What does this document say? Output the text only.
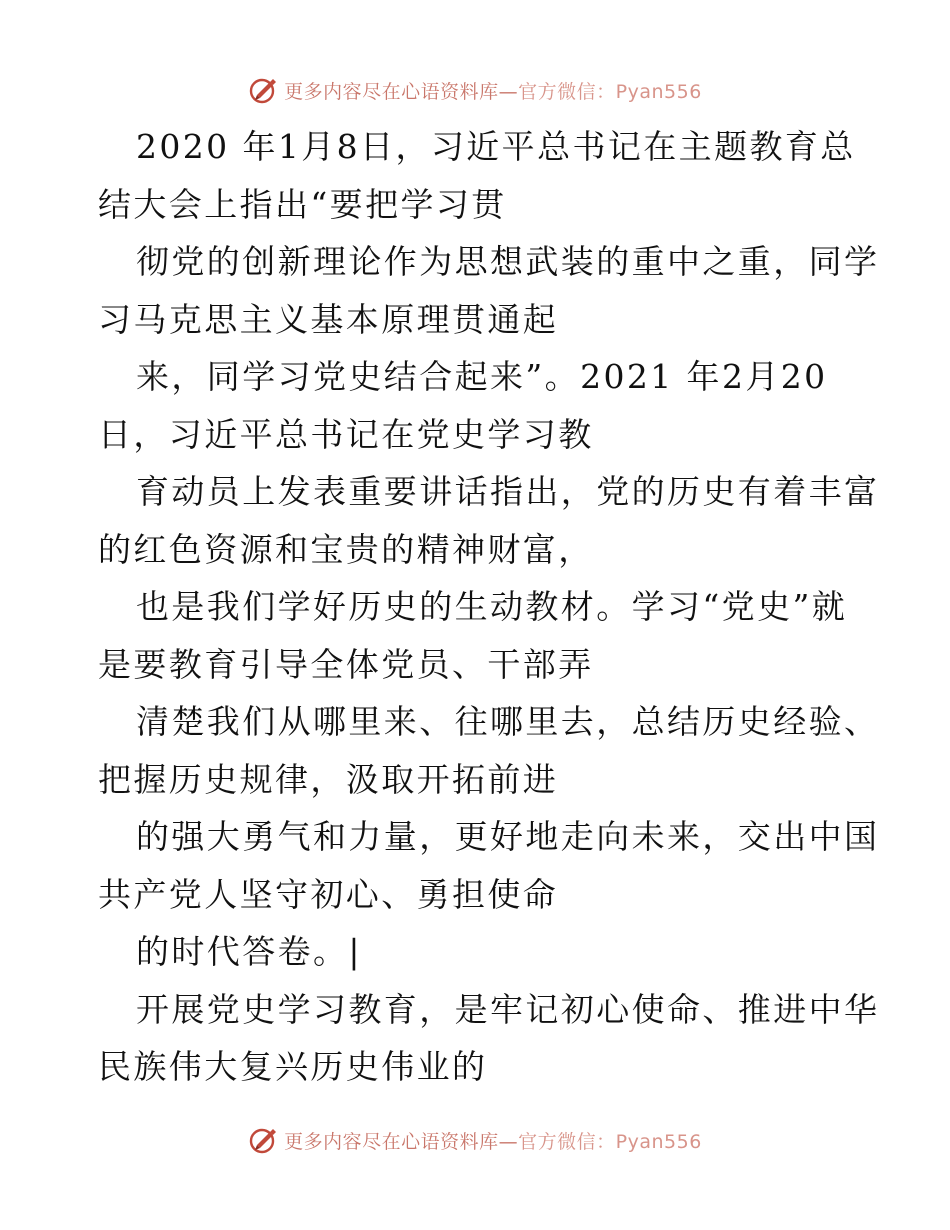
更多内容尽在心语资料库—官方微信：Pyan556
2020 年1月8日，习近平总书记在主题教育总
结大会上指出“要把学习贯
彻党的创新理论作为思想武装的重中之重，同学
习马克思主义基本原理贯通起
来，同学习党史结合起来”。2021 年2月20
日，习近平总书记在党史学习教
育动员上发表重要讲话指出，党的历史有着丰富
的红色资源和宝贵的精神财富，
也是我们学好历史的生动教材。学习“党史”就
是要教育引导全体党员、干部弄
清楚我们从哪里来、往哪里去，总结历史经验、
把握历史规律，汲取开拓前进
的强大勇气和力量，更好地走向未来，交出中国
共产党人坚守初心、勇担使命
的时代答卷。|
开展党史学习教育，是牢记初心使命、推进中华
民族伟大复兴历史伟业的
更多内容尽在心语资料库—官方微信：Pyan556
